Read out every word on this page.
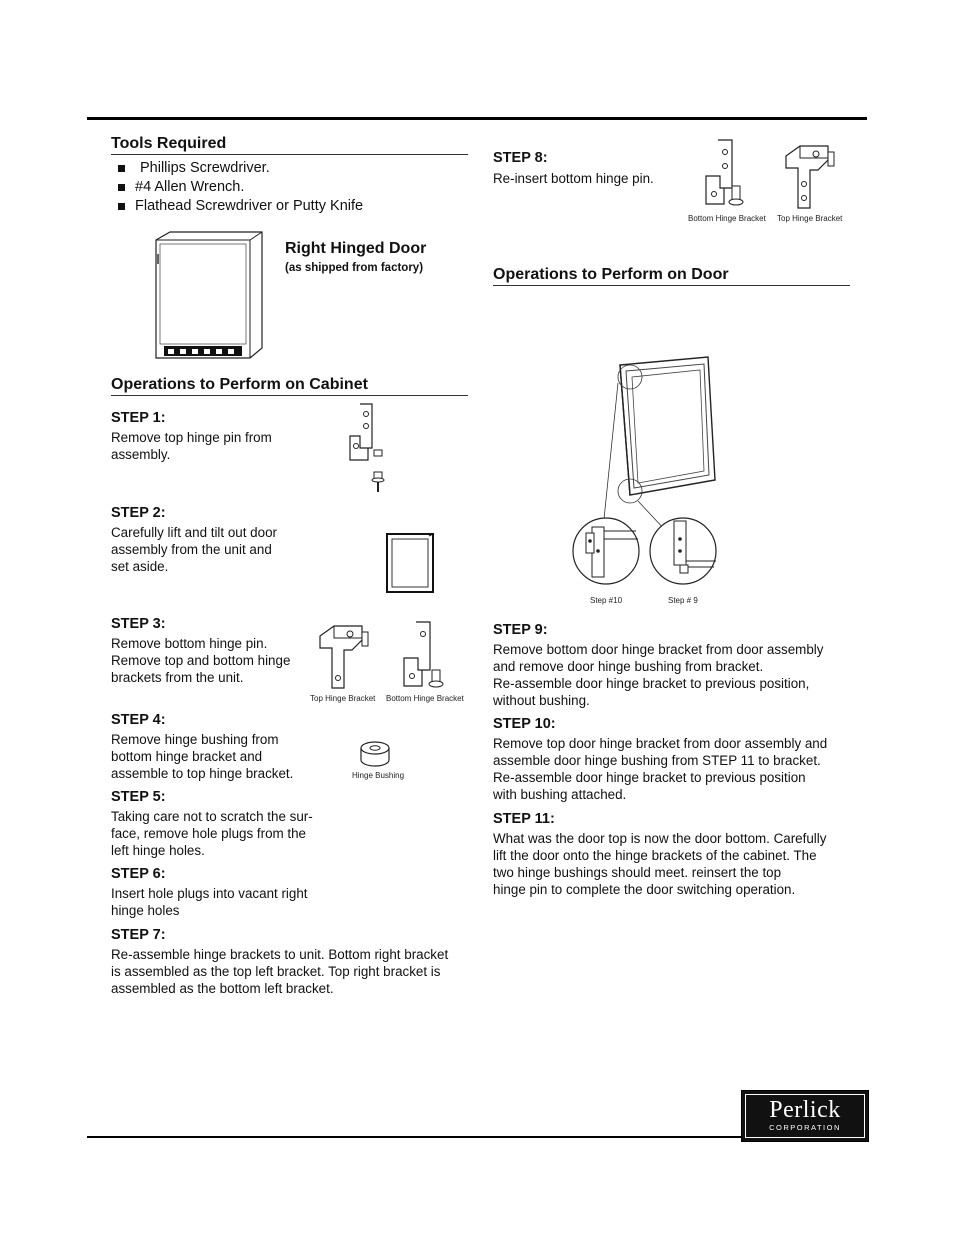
Tools Required
Phillips Screwdriver.
#4 Allen Wrench.
Flathead Screwdriver or Putty Knife
Right Hinged Door
(as shipped from factory)
Operations to Perform on Cabinet
STEP 1:
Remove top hinge pin from
assembly.
STEP 2:
Carefully lift and tilt out door
assembly from the unit and
set aside.
STEP 3:
Remove bottom hinge pin.
Remove top and bottom hinge
brackets from the unit.
Top Hinge Bracket Bottom Hinge Bracket
STEP 4:
Remove hinge bushing from
bottom hinge bracket and
assemble to top hinge bracket.	Hinge Bushing
STEP 5:
Taking care not to scratch the sur-
face, remove hole plugs from the
left hinge holes.
STEP 6:
Insert hole plugs into vacant right
hinge holes
STEP 7:
Re-assemble hinge brackets to unit. Bottom right bracket
is assembled as the top left bracket. Top right bracket is
assembled as the bottom left bracket.
STEP 8:
Re-insert bottom hinge pin.
Bottom Hinge Bracket Top Hinge Bracket
Operations to Perform on Door
Step #10	Step # 9
STEP 9:
Remove bottom door hinge bracket from door assembly
and remove door hinge bushing from bracket.
Re-assemble door hinge bracket to previous position,
without bushing.
STEP 10:
Remove top door hinge bracket from door assembly and
assemble door hinge bushing from STEP 11 to bracket.
Re-assemble door hinge bracket to previous position
with bushing attached.
STEP 11:
What was the door top is now the door bottom. Carefully
lift the door onto the hinge brackets of the cabinet. The
two hinge bushings should meet. reinsert the top
hinge pin to complete the door switching operation.
Perlick
CORPORATION
